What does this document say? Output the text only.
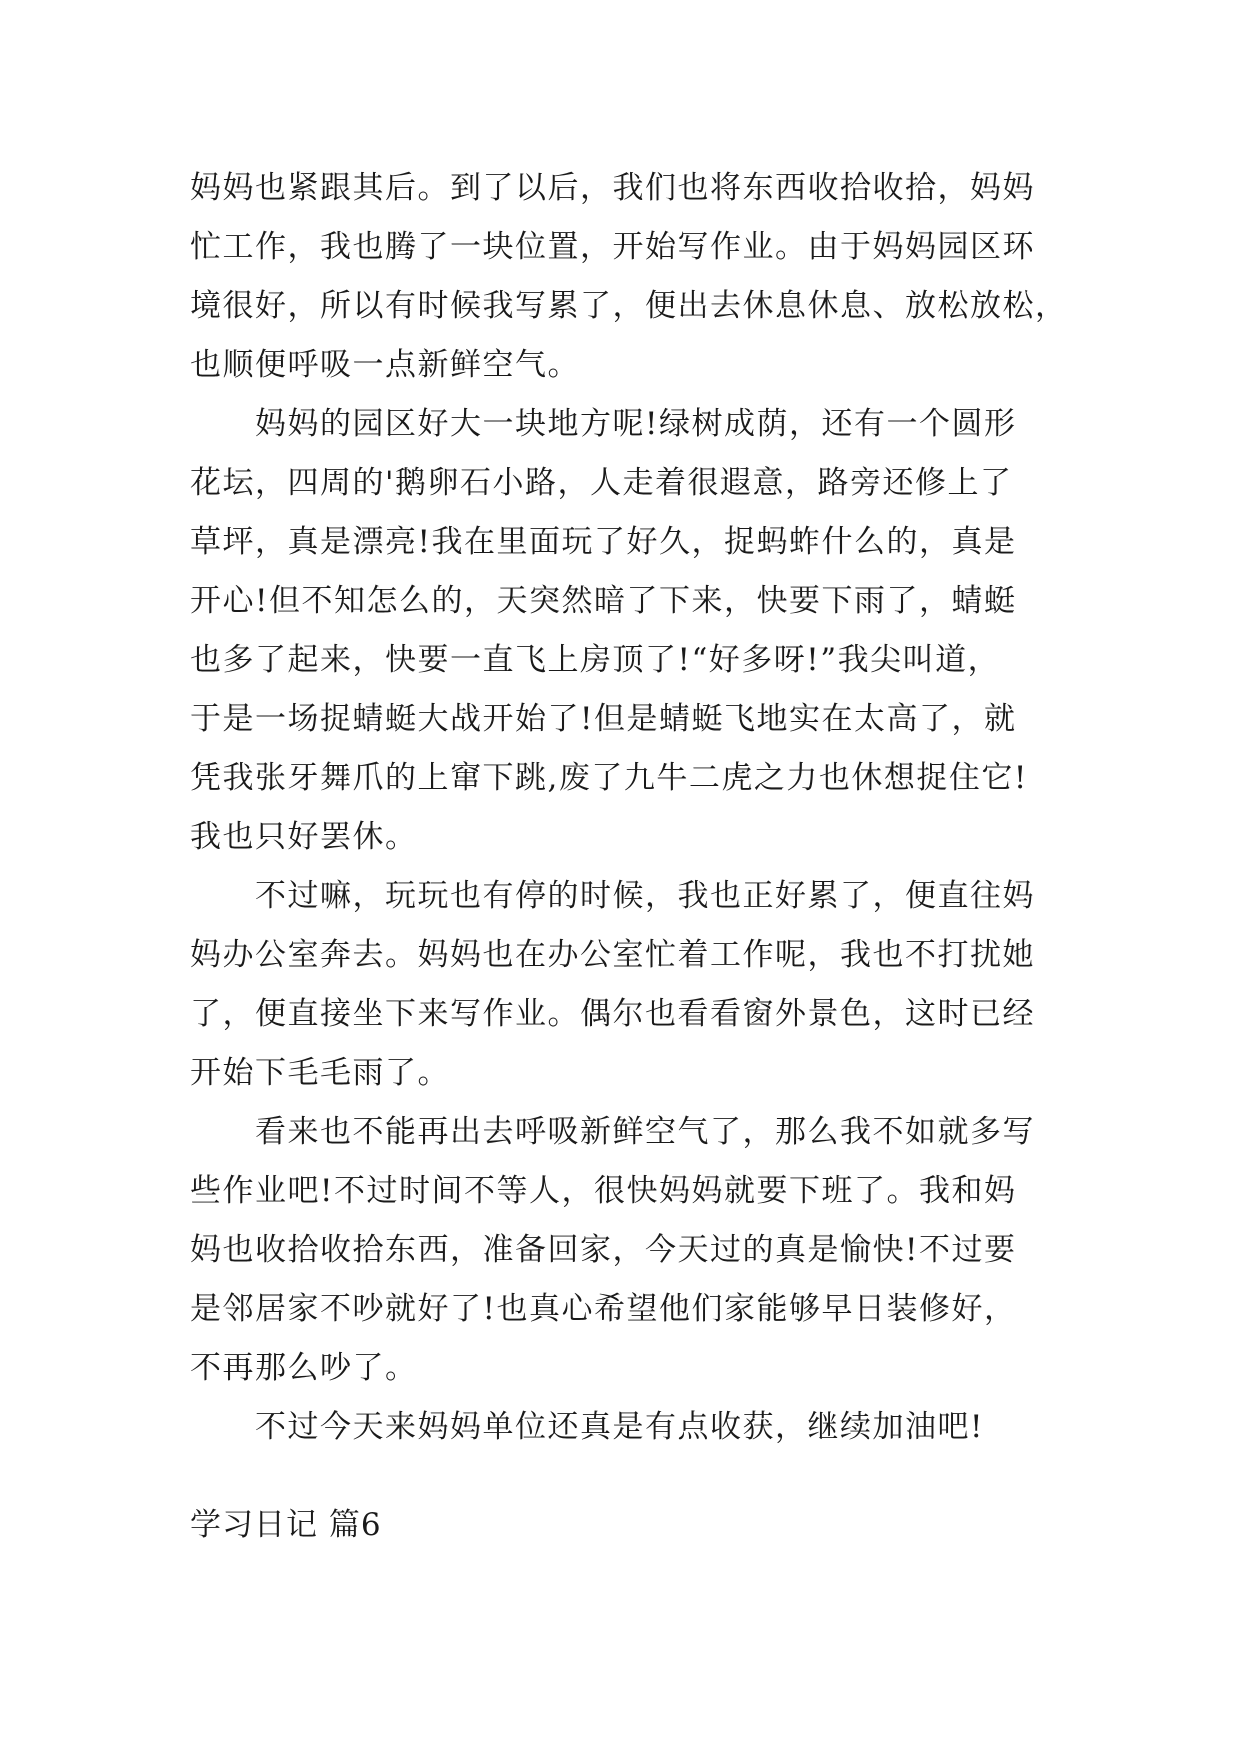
妈妈也紧跟其后。到了以后，我们也将东西收拾收拾，妈妈
忙工作，我也腾了一块位置，开始写作业。由于妈妈园区环
境很好，所以有时候我写累了，便出去休息休息、放松放松，
也顺便呼吸一点新鲜空气。
　　妈妈的园区好大一块地方呢!绿树成荫，还有一个圆形
花坛，四周的'鹅卵石小路，人走着很遐意，路旁还修上了
草坪，真是漂亮!我在里面玩了好久，捉蚂蚱什么的，真是
开心!但不知怎么的，天突然暗了下来，快要下雨了，蜻蜓
也多了起来，快要一直飞上房顶了!“好多呀!”我尖叫道，
于是一场捉蜻蜓大战开始了!但是蜻蜓飞地实在太高了，就
凭我张牙舞爪的上窜下跳,废了九牛二虎之力也休想捉住它!
我也只好罢休。
　　不过嘛，玩玩也有停的时候，我也正好累了，便直往妈
妈办公室奔去。妈妈也在办公室忙着工作呢，我也不打扰她
了，便直接坐下来写作业。偶尔也看看窗外景色，这时已经
开始下毛毛雨了。
　　看来也不能再出去呼吸新鲜空气了，那么我不如就多写
些作业吧!不过时间不等人，很快妈妈就要下班了。我和妈
妈也收拾收拾东西，准备回家，今天过的真是愉快!不过要
是邻居家不吵就好了!也真心希望他们家能够早日装修好，
不再那么吵了。
　　不过今天来妈妈单位还真是有点收获，继续加油吧!
学习日记 篇6
